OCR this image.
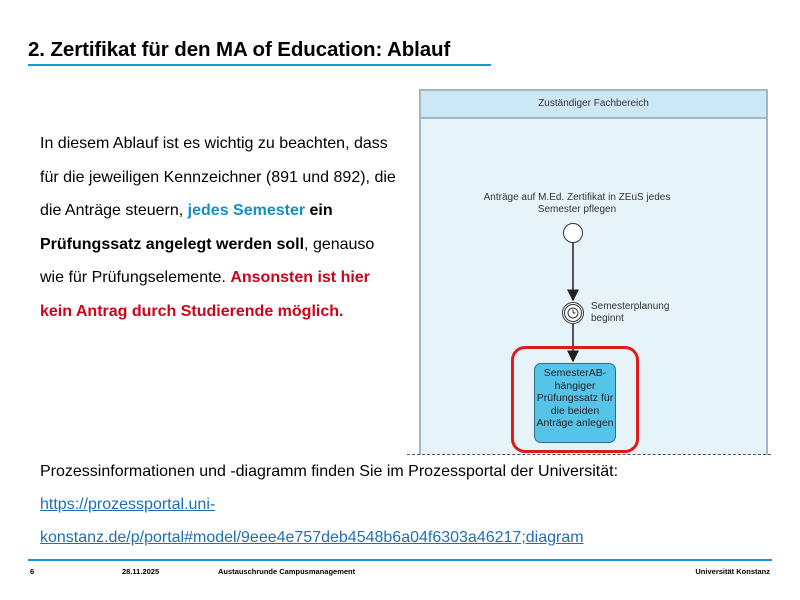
2. Zertifikat für den MA of Education: Ablauf
In diesem Ablauf ist es wichtig zu beachten, dass für die jeweiligen Kennzeichner (891 und 892), die die Anträge steuern, jedes Semester ein Prüfungssatz angelegt werden soll, genauso wie für Prüfungselemente. Ansonsten ist hier kein Antrag durch Studierende möglich.
Zuständiger Fachbereich
Anträge auf M.Ed. Zertifikat in ZEuS jedes Semester pflegen
Semesterplanung beginnt
SemesterAB-hängiger Prüfungssatz für die beiden Anträge anlegen
Prozessinformationen und -diagramm finden Sie im Prozessportal der Universität:
https://prozessportal.uni-
konstanz.de/p/portal#model/9eee4e757deb4548b6a04f6303a46217;diagram
6	28.11.2025	Austauschrunde Campusmanagement	Universität Konstanz
